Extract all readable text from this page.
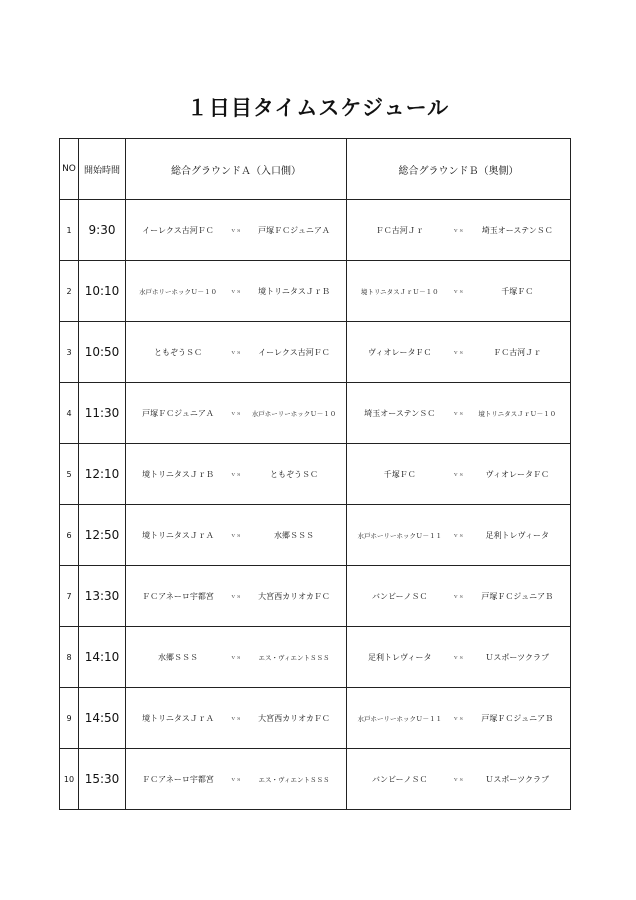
１日目タイムスケジュール
NO	開始時間	総合グラウンドＡ（入口側）	総合グラウンドＢ（奥側）
1	9:30	イーレクス古河ＦＣ ｖｓ 戸塚ＦＣジュニアＡ	ＦＣ古河Ｊｒ ｖｓ 埼玉オーステンＳＣ

2	10:10	水戸ホリーホックＵ－１０ ｖｓ 境トリニタスＪｒＢ	境トリニタスＪｒＵ－１０ ｖｓ 千塚ＦＣ

3	10:50	ともぞうＳＣ ｖｓ イーレクス古河ＦＣ	ヴィオレータＦＣ ｖｓ ＦＣ古河Ｊｒ

4	11:30	戸塚ＦＣジュニアＡ ｖｓ 水戸ホーリーホックＵ－１０	埼玉オーステンＳＣ ｖｓ 境トリニタスＪｒＵ－１０

5	12:10	境トリニタスＪｒＢ ｖｓ ともぞうＳＣ	千塚ＦＣ ｖｓ ヴィオレータＦＣ

6	12:50	境トリニタスＪｒＡ ｖｓ 水郷ＳＳＳ	水戸ホーリーホックＵ－１１ ｖｓ 足利トレヴィータ

7	13:30	ＦＣアネーロ宇都宮 ｖｓ 大宮西カリオカＦＣ	バンビーノＳＣ ｖｓ 戸塚ＦＣジュニアＢ

8	14:10	水郷ＳＳＳ ｖｓ エス・ヴィエントＳＳＳ	足利トレヴィータ ｖｓ Ｕスポーツクラブ

9	14:50	境トリニタスＪｒＡ ｖｓ 大宮西カリオカＦＣ	水戸ホーリーホックＵ－１１ ｖｓ 戸塚ＦＣジュニアＢ

10	15:30	ＦＣアネーロ宇都宮 ｖｓ エス・ヴィエントＳＳＳ	バンビーノＳＣ ｖｓ Ｕスポーツクラブ
